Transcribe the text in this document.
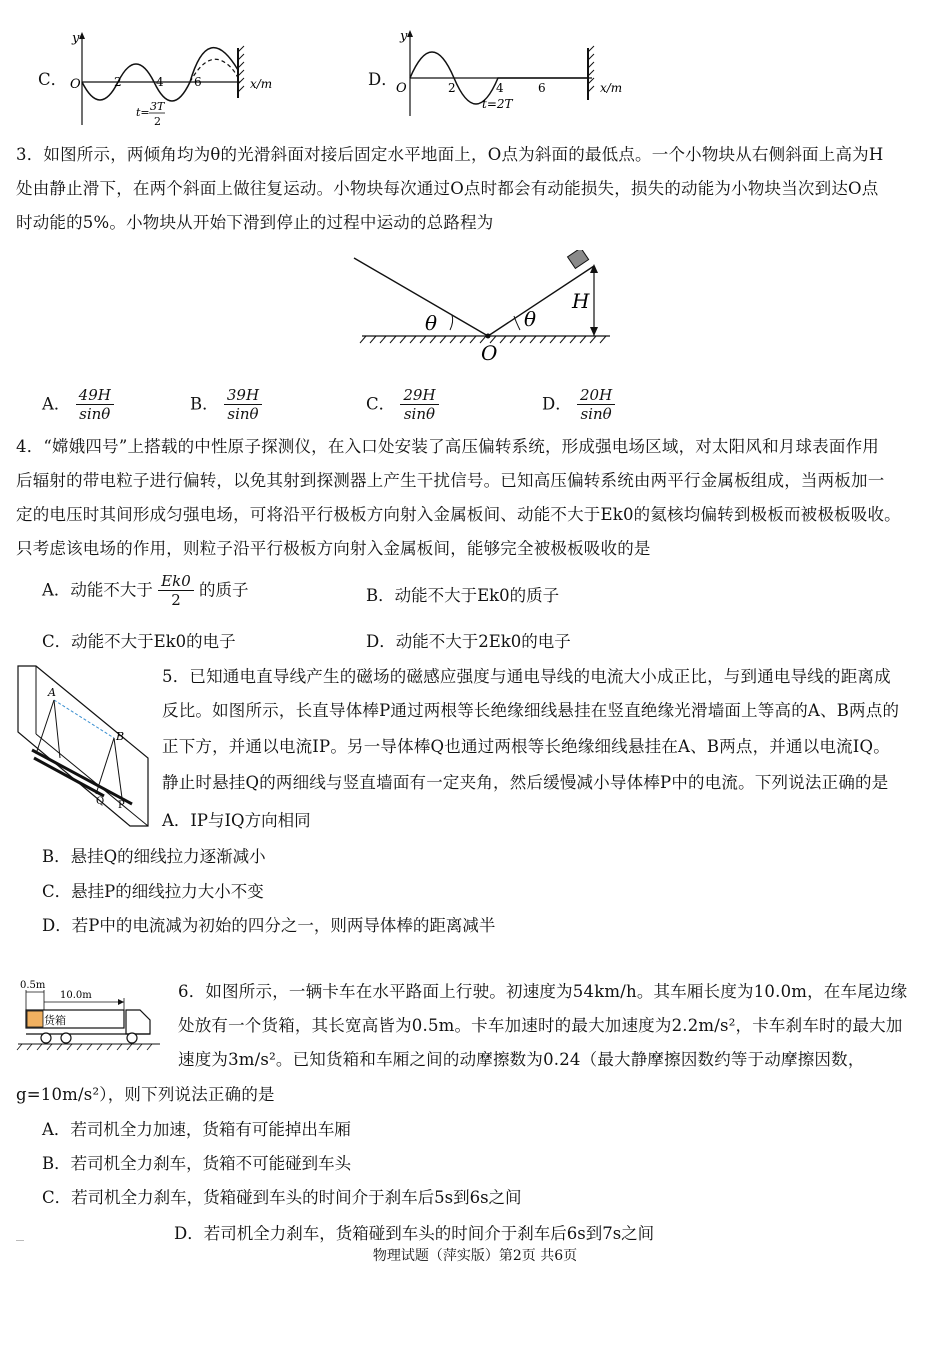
C．
y
O	2	4	6	x/m
t= 3T
2
D．
y
O	2	4	6	x/m
t=2T
3．如图所示，两倾角均为θ的光滑斜面对接后固定水平地面上，O点为斜面的最低点。一个小物块从右侧斜面上高为H
处由静止滑下，在两个斜面上做往复运动。小物块每次通过O点时都会有动能损失，损失的动能为小物块当次到达O点
时动能的5%。小物块从开始下滑到停止的过程中运动的总路程为
θ	θ
H
O
A． $\frac{49H}{\sin\theta}$	B． $\frac{39H}{\sin\theta}$	C． $\frac{29H}{\sin\theta}$	D． $\frac{20H}{\sin\theta}$
4．“嫦娥四号”上搭载的中性原子探测仪，在入口处安装了高压偏转系统，形成强电场区域，对太阳风和月球表面作用
后辐射的带电粒子进行偏转，以免其射到探测器上产生干扰信号。已知高压偏转系统由两平行金属板组成，当两板加一
定的电压时其间形成匀强电场，可将沿平行极板方向射入金属板间、动能不大于Ek0的氦核均偏转到极板而被极板吸收。
只考虑该电场的作用，则粒子沿平行极板方向射入金属板间，能够完全被极板吸收的是
A．动能不大于 $\frac{Ek0}{2}$ 的质子	B．动能不大于Ek0的质子
C．动能不大于Ek0的电子	D．动能不大于2Ek0的电子
A
B
P
Q
5．已知通电直导线产生的磁场的磁感应强度与通电导线的电流大小成正比，与到通电导线的距离成
反比。如图所示，长直导体棒P通过两根等长绝缘细线悬挂在竖直绝缘光滑墙面上等高的A、B两点的
正下方，并通以电流IP。另一导体棒Q也通过两根等长绝缘细线悬挂在A、B两点，并通以电流IQ。
静止时悬挂Q的两细线与竖直墙面有一定夹角，然后缓慢减小导体棒P中的电流。下列说法正确的是
A．IP与IQ方向相同
B．悬挂Q的细线拉力逐渐减小
C．悬挂P的细线拉力大小不变
D．若P中的电流减为初始的四分之一，则两导体棒的距离减半
0.5m
10.0m
货箱
6．如图所示，一辆卡车在水平路面上行驶。初速度为54km/h。其车厢长度为10.0m，在车尾边缘
处放有一个货箱，其长宽高皆为0.5m。卡车加速时的最大加速度为2.2m/s²，卡车刹车时的最大加
速度为3m/s²。已知货箱和车厢之间的动摩擦数为0.24（最大静摩擦因数约等于动摩擦因数，
g=10m/s²），则下列说法正确的是
A．若司机全力加速，货箱有可能掉出车厢
B．若司机全力刹车，货箱不可能碰到车头
C．若司机全力刹车，货箱碰到车头的时间介于刹车后5s到6s之间
D．若司机全力刹车，货箱碰到车头的时间介于刹车后6s到7s之间
物理试题（萍实版）第2页 共6页
